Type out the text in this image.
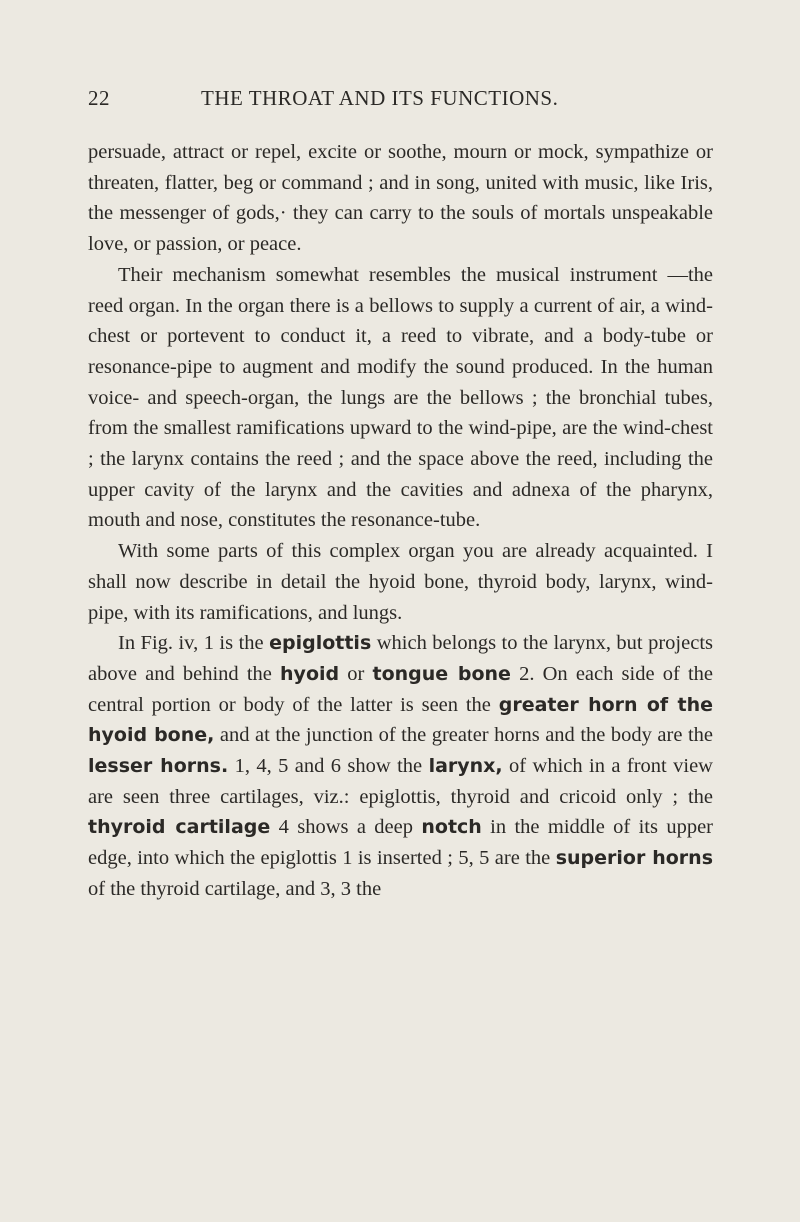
22	THE THROAT AND ITS FUNCTIONS.

persuade, attract or repel, excite or soothe, mourn or mock, sympathize or threaten, flatter, beg or command ; and in song, united with music, like Iris, the messenger of gods,· they can carry to the souls of mortals unspeakable love, or passion, or peace.

Their mechanism somewhat resembles the musical instrument —the reed organ. In the organ there is a bellows to supply a current of air, a wind-chest or portevent to conduct it, a reed to vibrate, and a body-tube or resonance-pipe to augment and modify the sound produced. In the human voice- and speech-organ, the lungs are the bellows ; the bronchial tubes, from the smallest ramifications upward to the wind-pipe, are the wind-chest ; the larynx contains the reed ; and the space above the reed, including the upper cavity of the larynx and the cavities and adnexa of the pharynx, mouth and nose, constitutes the resonance-tube.

With some parts of this complex organ you are already acquainted. I shall now describe in detail the hyoid bone, thyroid body, larynx, wind-pipe, with its ramifications, and lungs.

In Fig. iv, 1 is the epiglottis which belongs to the larynx, but projects above and behind the hyoid or tongue bone 2. On each side of the central portion or body of the latter is seen the greater horn of the hyoid bone, and at the junction of the greater horns and the body are the lesser horns. 1, 4, 5 and 6 show the larynx, of which in a front view are seen three cartilages, viz.: epiglottis, thyroid and cricoid only ; the thyroid cartilage 4 shows a deep notch in the middle of its upper edge, into which the epiglottis 1 is inserted ; 5, 5 are the superior horns of the thyroid cartilage, and 3, 3 the
